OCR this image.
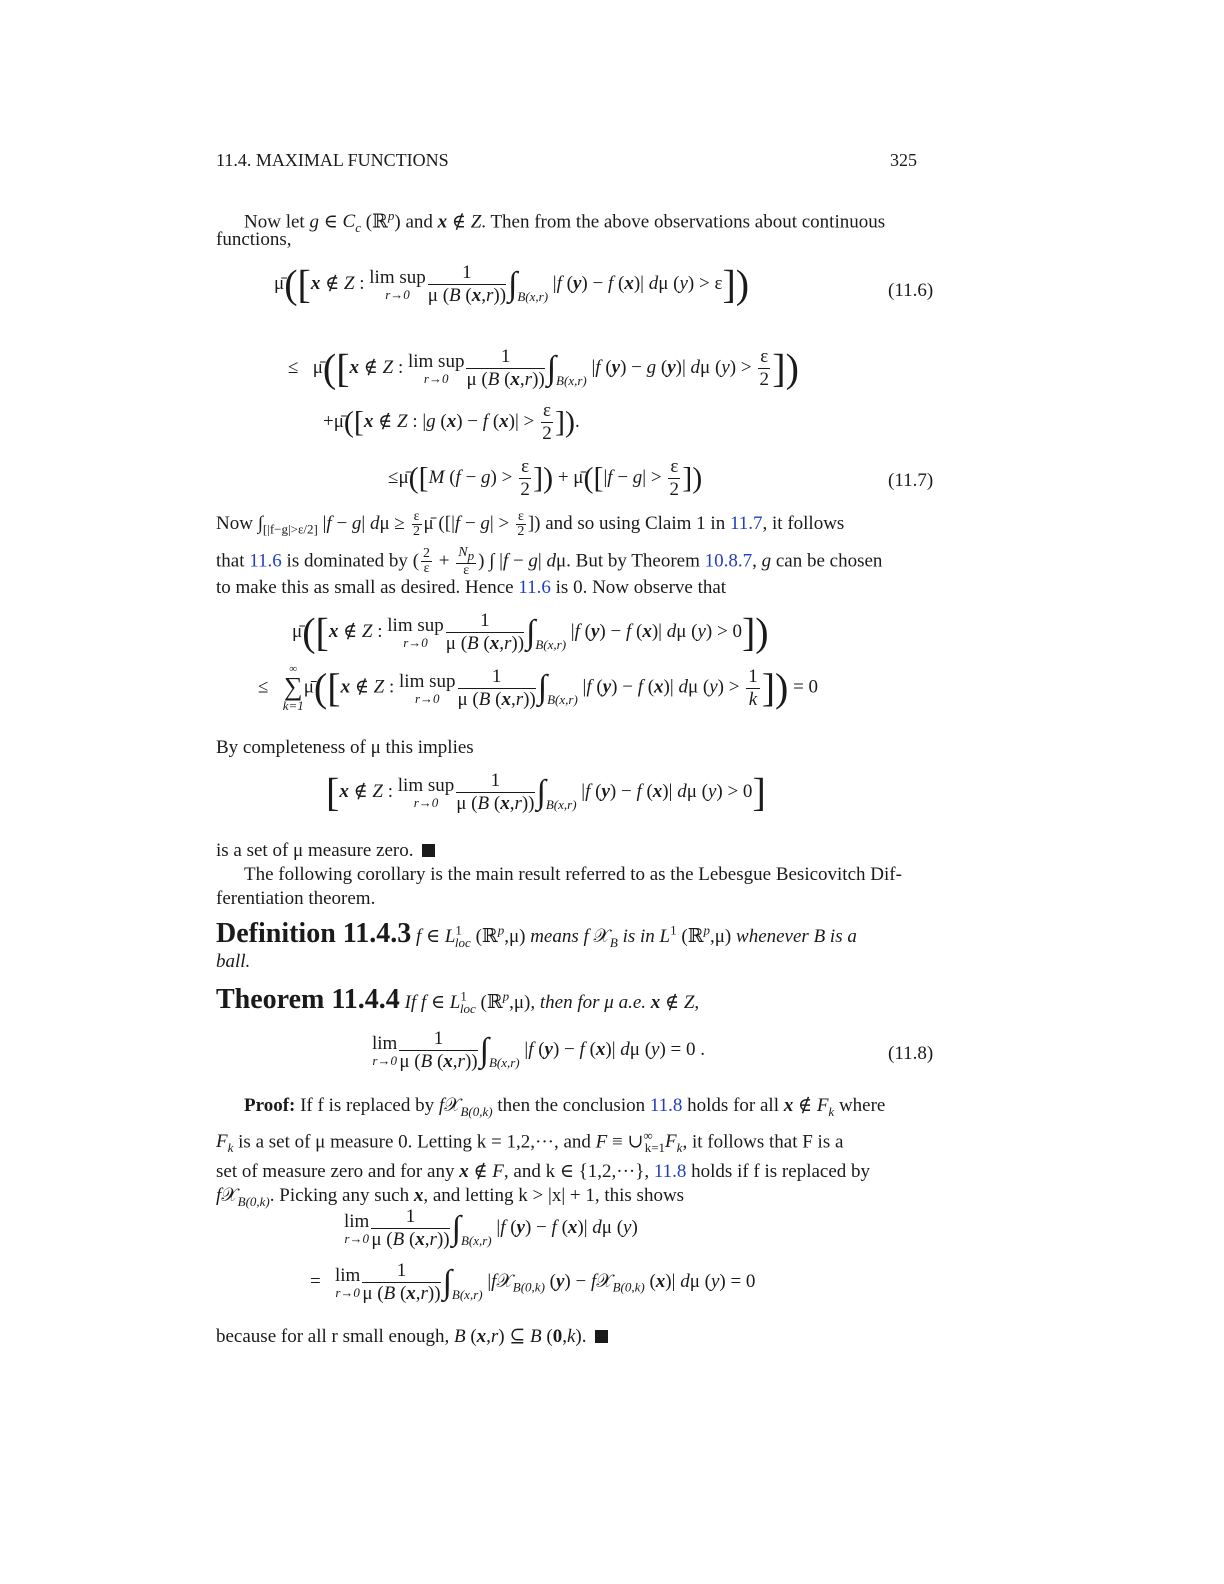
11.4. MAXIMAL FUNCTIONS	325
Now let g ∈ $C_c$ (ℝ$^p$) and x ∉ Z. Then from the above observations about continuous
functions,
μ̄([x ∉ Z : lim sup
$r\to 0 \frac{1}{\mu (B (x,r))} \int_{B(x,r)}$ |f (y) − f (x)| dμ (y) > ε])	(11.6)
≤ μ̄([x ∉ Z : lim sup
$r\to 0 \frac{1}{\mu (B (x,r))} \int_{B(x,r)}$ |f (y) − g (y)| dμ $(y) > \frac{\varepsilon}{2}$ ])
+μ̄([x ∉ Z : |g (x) − f $(x)| > \frac{\varepsilon}{2}$ ]).
≤μ̄([M $(f - g) > \frac{\varepsilon}{2}$ ]) + μ̄([|f − $g| > \frac{\varepsilon}{2}$ ])	(11.7)
Now $\int_{[|f-g|>\varepsilon/2]}$ |f − g| $d\mu \ge \frac{\varepsilon}{2}$ μ̄ ([$|f - g| > \frac{\varepsilon}{2}$ ]) and so using Claim 1 in 11.7, it follows
that 11.6 is dominated by ( $\frac{2}{\varepsilon} + \frac{N_p}{\varepsilon}$ ) ∫ |f − g| dμ. But by Theorem 10.8.7, g can be chosen
to make this as small as desired. Hence 11.6 is 0. Now observe that
μ̄([x ∉ Z : lim sup
$r\to 0 \frac{1}{\mu (B (x,r))} \int_{B(x,r)}$ |f (y) − f (x)| dμ (y) > 0])
≤
∞
∑
k=1
μ̄([x ∉ Z : lim sup
$r\to 0 \frac{1}{\mu (B (x,r))} \int_{B(x,r)}$ |f (y) − f (x)| dμ $(y) > \frac{1}{k}$ ]) = 0
By completeness of μ this implies
[x ∉ Z : lim sup
$r\to 0 \frac{1}{\mu (B (x,r))} \int_{B(x,r)}$ |f (y) − f (x)| dμ (y) > 0]
is a set of μ measure zero.
The following corollary is the main result referred to as the Lebesgue Besicovitch Dif-
ferentiation theorem.
Definition 11.4.3 f ∈ $L^1_{loc}$ (ℝ$^p$,μ) means f 𝒳$_B$ is in $L^1$ (ℝ$^p$,μ) whenever B is a
ball.
Theorem 11.4.4 If f ∈ $L^1_{loc}$ (ℝ$^p$,μ), then for μ a.e. x ∉ Z,
lim
$r\to 0 \frac{1}{\mu (B (x,r))} \int_{B(x,r)}$ |f (y) − f (x)| dμ (y) = 0 .	(11.8)
Proof: If f is replaced by f𝒳$_{B(0,k)}$ then the conclusion 11.8 holds for all x ∉ $F_k$ where
$F_k$ is a set of μ measure 0. Letting k = 1,2,···, and $F \equiv \cup^\infty_{k=1}F_k$, it follows that F is a
set of measure zero and for any x ∉ F, and k ∈ {1,2,···}, 11.8 holds if f is replaced by
f𝒳$_{B(0,k)}$. Picking any such x, and letting k > |x| + 1, this shows
lim
$r\to 0 \frac{1}{\mu (B (x,r))} \int_{B(x,r)}$ |f (y) − f (x)| dμ (y)
= lim
$r\to 0 \frac{1}{\mu (B (x,r))} \int_{B(x,r)}$ |f𝒳$_{B(0,k)}$ (y) − f𝒳$_{B(0,k)}$ (x)| dμ (y) = 0
because for all r small enough, B (x,r) ⊆ B (0,k).
